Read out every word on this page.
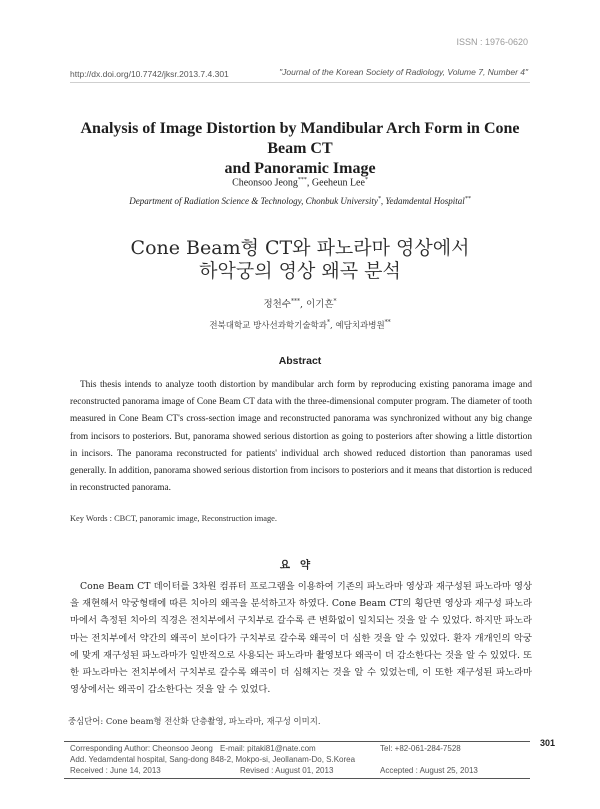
ISSN : 1976-0620
http://dx.doi.org/10.7742/jksr.2013.7.4.301	"Journal of the Korean Society of Radiology, Volume 7, Number 4"
Analysis of Image Distortion by Mandibular Arch Form in Cone Beam CT
and Panoramic Image
Cheonsoo Jeong***, Geeheun Lee*
Department of Radiation Science & Technology, Chonbuk University*, Yedamdental Hospital**
Cone Beam형 CT와 파노라마 영상에서
하악궁의 영상 왜곡 분석
정천수***, 이기흔*
전북대학교 방사선과학기술학과*, 예담치과병원**
Abstract
This thesis intends to analyze tooth distortion by mandibular arch form by reproducing existing panorama image and reconstructed panorama image of Cone Beam CT data with the three-dimensional computer program. The diameter of tooth measured in Cone Beam CT's cross-section image and reconstructed panorama was synchronized without any big change from incisors to posteriors. But, panorama showed serious distortion as going to posteriors after showing a little distortion in incisors. The panorama reconstructed for patients' individual arch showed reduced distortion than panoramas used generally. In addition, panorama showed serious distortion from incisors to posteriors and it means that distortion is reduced in reconstructed panorama.
Key Words : CBCT, panoramic image, Reconstruction image.
요약
Cone Beam CT 데이터를 3차원 컴퓨터 프로그램을 이용하여 기존의 파노라마 영상과 재구성된 파노라마 영상을 재현해서 악궁형태에 따른 치아의 왜곡을 분석하고자 하였다. Cone Beam CT의 횡단면 영상과 재구성 파노라마에서 측정된 치아의 직경은 전치부에서 구치부로 갈수록 큰 변화없이 일치되는 것을 알 수 있었다. 하지만 파노라마는 전치부에서 약간의 왜곡이 보이다가 구치부로 갈수록 왜곡이 더 심한 것을 알 수 있었다. 환자 개개인의 악궁에 맞게 재구성된 파노라마가 일반적으로 사용되는 파노라마 촬영보다 왜곡이 더 감소한다는 것을 알 수 있었다. 또한 파노라마는 전치부에서 구치부로 갈수록 왜곡이 더 심해지는 것을 알 수 있었는데, 이 또한 재구성된 파노라마 영상에서는 왜곡이 감소한다는 것을 알 수 있었다.
중심단어: Cone beam형 전산화 단층촬영, 파노라마, 재구성 이미지.
301
Corresponding Author: Cheonsoo Jeong E-mail: pitaki81@nate.com	Tel: +82-061-284-7528
Add. Yedamdental hospital, Sang-dong 848-2, Mokpo-si, Jeollanam-Do, S.Korea
Received : June 14, 2013	Revised : August 01, 2013	Accepted : August 25, 2013
